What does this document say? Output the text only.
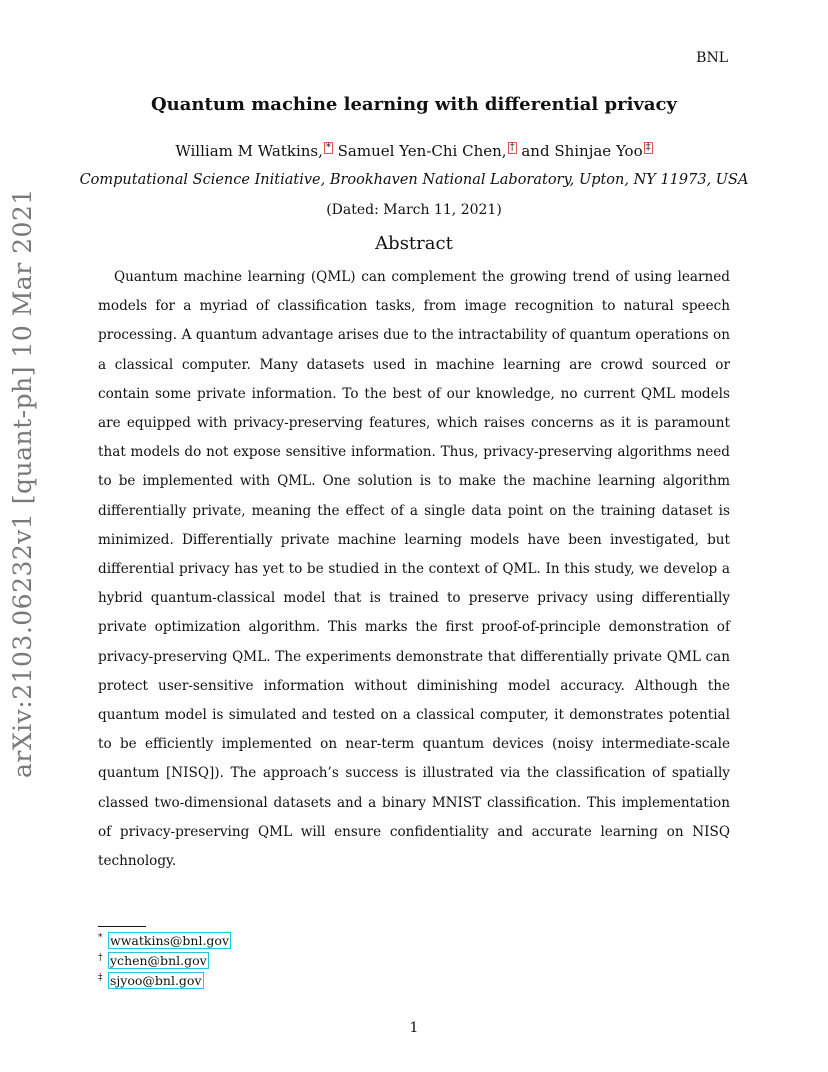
BNL
Quantum machine learning with differential privacy
William M Watkins, * Samuel Yen-Chi Chen, † and Shinjae Yoo ‡
Computational Science Initiative, Brookhaven National Laboratory, Upton, NY 11973, USA
(Dated: March 11, 2021)
Abstract

Quantum machine learning (QML) can complement the growing trend of using learned models for a myriad of classification tasks, from image recognition to natural speech processing. A quantum advantage arises due to the intractability of quantum operations on a classical computer. Many datasets used in machine learning are crowd sourced or contain some private information. To the best of our knowledge, no current QML models are equipped with privacy-preserving features, which raises concerns as it is paramount that models do not expose sensitive information. Thus, privacy-preserving algorithms need to be implemented with QML. One solution is to make the machine learning algorithm differentially private, meaning the effect of a single data point on the training dataset is minimized. Differentially private machine learning models have been investigated, but differential privacy has yet to be studied in the context of QML. In this study, we develop a hybrid quantum-classical model that is trained to preserve privacy using differentially private optimization algorithm. This marks the first proof-of-principle demonstration of privacy-preserving QML. The experiments demonstrate that differentially private QML can protect user-sensitive information without diminishing model accuracy. Although the quantum model is simulated and tested on a classical computer, it demonstrates potential to be efficiently implemented on near-term quantum devices (noisy intermediate-scale quantum [NISQ]). The approach’s success is illustrated via the classification of spatially classed two-dimensional datasets and a binary MNIST classification. This implementation of privacy-preserving QML will ensure confidentiality and accurate learning on NISQ technology.

arXiv:2103.06232v1 [quant-ph] 10 Mar 2021
* wwatkins@bnl.gov
† ychen@bnl.gov
‡ sjyoo@bnl.gov
1
